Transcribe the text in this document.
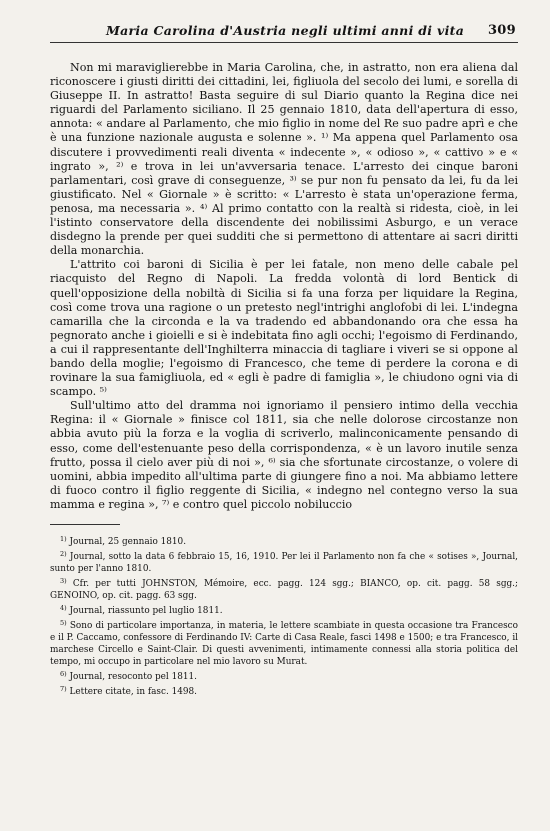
Maria Carolina d'Austria negli ultimi anni di vita 309

Non mi maraviglierebbe in Maria Carolina, che, in astratto, non era aliena dal riconoscere i giusti diritti dei cittadini, lei, figliuola del secolo dei lumi, e sorella di Giuseppe II. In astratto! Basta seguire di sul Diario quanto la Regina dice nei riguardi del Parlamento siciliano. Il 25 gennaio 1810, data dell'apertura di esso, annota: « andare al Parlamento, che mio figlio in nome del Re suo padre aprì e che è una funzione nazionale augusta e solenne ». ¹⁾ Ma appena quel Parlamento osa discutere i provvedimenti reali diventa « indecente », « odioso », « cattivo » e « ingrato », ²⁾ e trova in lei un'avversaria tenace. L'arresto dei cinque baroni parlamentari, così grave di conseguenze, ³⁾ se pur non fu pensato da lei, fu da lei giustificato. Nel « Giornale » è scritto: « L'arresto è stata un'operazione ferma, penosa, ma necessaria ». ⁴⁾ Al primo contatto con la realtà si ridesta, cioè, in lei l'istinto conservatore della discendente dei nobilissimi Asburgo, e un verace disdegno la prende per quei sudditi che si permettono di attentare ai sacri diritti della monarchia.

L'attrito coi baroni di Sicilia è per lei fatale, non meno delle cabale pel riacquisto del Regno di Napoli. La fredda volontà di lord Bentick di quell'opposizione della nobiltà di Sicilia si fa una forza per liquidare la Regina, così come trova una ragione o un pretesto negl'intrighi anglofobi di lei. L'indegna camarilla che la circonda e la va tradendo ed abbandonando ora che essa ha pegnorato anche i gioielli e si è indebitata fino agli occhi; l'egoismo di Ferdinando, a cui il rappresentante dell'Inghilterra minaccia di tagliare i viveri se si oppone al bando della moglie; l'egoismo di Francesco, che teme di perdere la corona e di rovinare la sua famigliuola, ed « egli è padre di famiglia », le chiudono ogni via di scampo. ⁵⁾

Sull'ultimo atto del dramma noi ignoriamo il pensiero intimo della vecchia Regina: il « Giornale » finisce col 1811, sia che nelle dolorose circostanze non abbia avuto più la forza e la voglia di scriverlo, malinconicamente pensando di esso, come dell'estenuante peso della corrispondenza, « è un lavoro inutile senza frutto, possa il cielo aver più di noi », ⁶⁾ sia che sfortunate circostanze, o volere di uomini, abbia impedito all'ultima parte di giungere fino a noi. Ma abbiamo lettere di fuoco contro il figlio reggente di Sicilia, « indegno nel contegno verso la sua mamma e regina », ⁷⁾ e contro quel piccolo nobiluccio

$^{1)}$ Journal, 25 gennaio 1810.

$^{2)}$ Journal, sotto la data 6 febbraio 15, 16, 1910. Per lei il Parlamento non fa che « sotises », Journal, sunto per l'anno 1810.

$^{3)}$ Cfr. per tutti JOHNSTON, Mémoire, ecc. pagg. 124 sgg.; BIANCO, op. cit. pagg. 58 sgg.; GENOINO, op. cit. pagg. 63 sgg.

$^{4)}$ Journal, riassunto pel luglio 1811.

$^{5)}$ Sono di particolare importanza, in materia, le lettere scambiate in questa occasione tra Francesco e il P. Caccamo, confessore di Ferdinando IV: Carte di Casa Reale, fasci 1498 e 1500; e tra Francesco, il marchese Circello e Saint-Clair. Di questi avvenimenti, intimamente connessi alla storia politica del tempo, mi occupo in particolare nel mio lavoro su Murat.

$^{6)}$ Journal, resoconto pel 1811.

$^{7)}$ Lettere citate, in fasc. 1498.
